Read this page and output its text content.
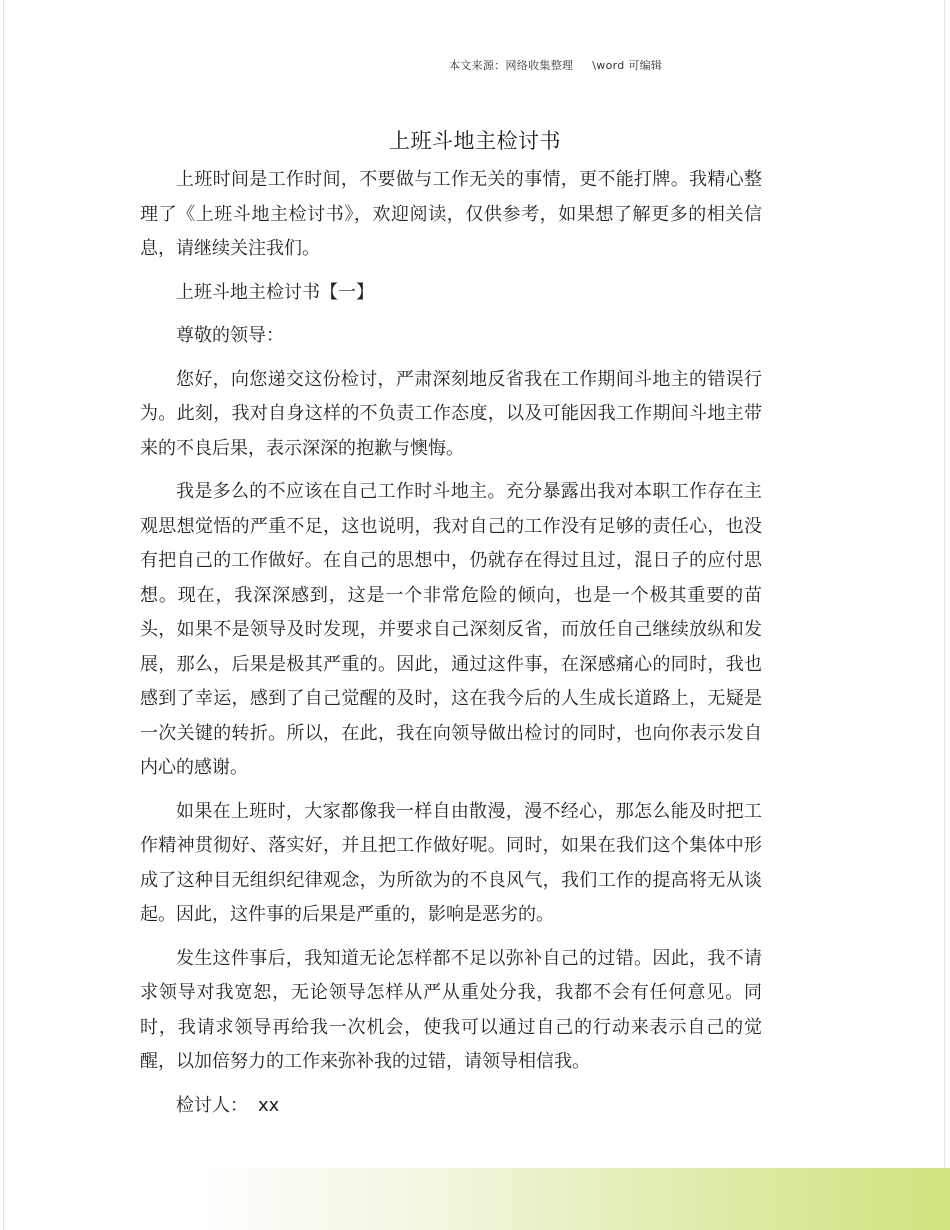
本文来源：网络收集整理     \word 可编辑
上班斗地主检讨书

上班时间是工作时间，不要做与工作无关的事情，更不能打牌。我精心整理了《上班斗地主检讨书》，欢迎阅读，仅供参考，如果想了解更多的相关信息，请继续关注我们。

上班斗地主检讨书【一】

尊敬的领导：

您好，向您递交这份检讨，严肃深刻地反省我在工作期间斗地主的错误行为。此刻，我对自身这样的不负责工作态度，以及可能因我工作期间斗地主带来的不良后果，表示深深的抱歉与懊悔。

我是多么的不应该在自己工作时斗地主。充分暴露出我对本职工作存在主观思想觉悟的严重不足，这也说明，我对自己的工作没有足够的责任心，也没有把自己的工作做好。在自己的思想中，仍就存在得过且过，混日子的应付思想。现在，我深深感到，这是一个非常危险的倾向，也是一个极其重要的苗头，如果不是领导及时发现，并要求自己深刻反省，而放任自己继续放纵和发展，那么，后果是极其严重的。因此，通过这件事，在深感痛心的同时，我也感到了幸运，感到了自己觉醒的及时，这在我今后的人生成长道路上，无疑是一次关键的转折。所以，在此，我在向领导做出检讨的同时，也向你表示发自内心的感谢。

如果在上班时，大家都像我一样自由散漫，漫不经心，那怎么能及时把工作精神贯彻好、落实好，并且把工作做好呢。同时，如果在我们这个集体中形成了这种目无组织纪律观念，为所欲为的不良风气，我们工作的提高将无从谈起。因此，这件事的后果是严重的，影响是恶劣的。

发生这件事后，我知道无论怎样都不足以弥补自己的过错。因此，我不请求领导对我宽恕，无论领导怎样从严从重处分我，我都不会有任何意见。同时，我请求领导再给我一次机会，使我可以通过自己的行动来表示自己的觉醒，以加倍努力的工作来弥补我的过错，请领导相信我。

检讨人： xx
